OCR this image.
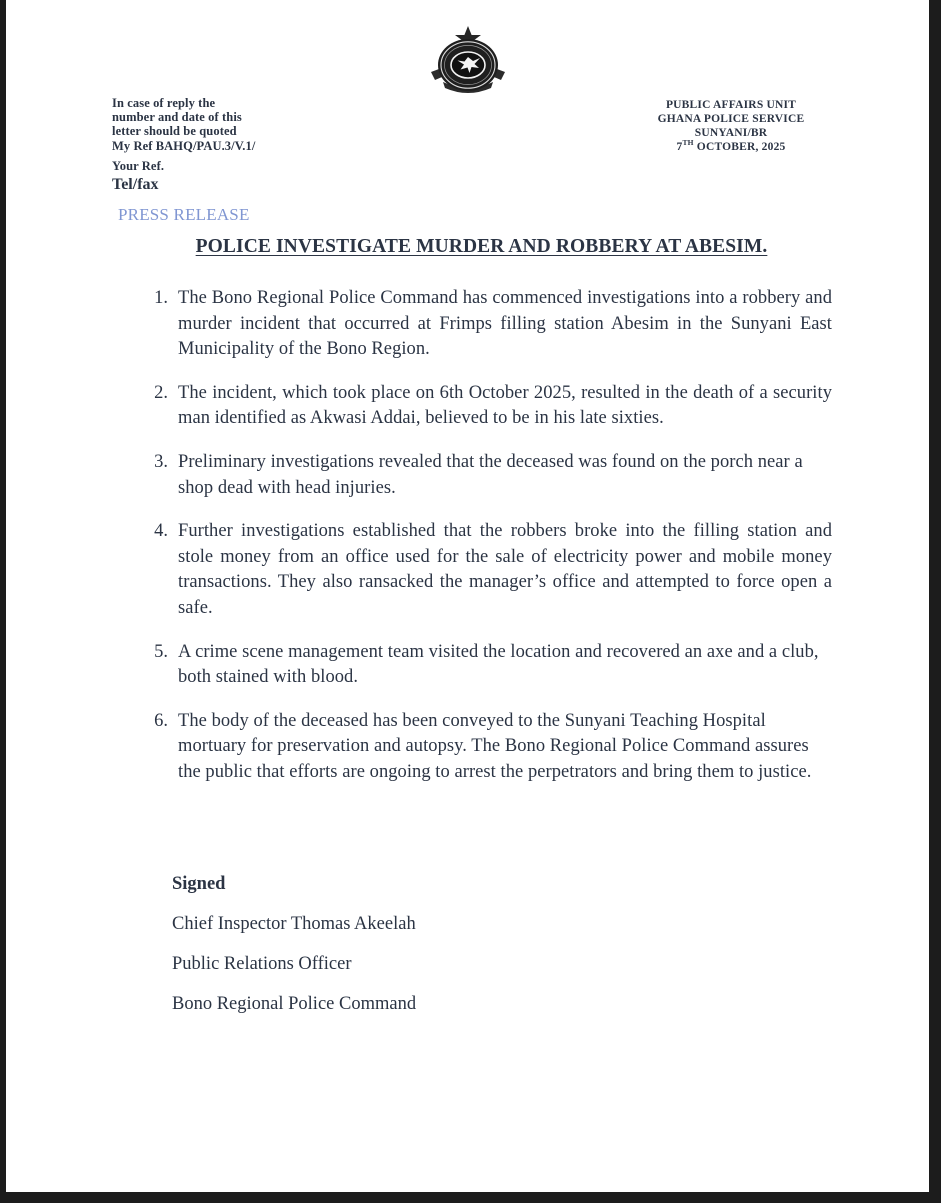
In case of reply the
number and date of this
letter should be quoted
My Ref BAHQ/PAU.3/V.1/
Your Ref.
Tel/fax
PUBLIC AFFAIRS UNIT
GHANA POLICE SERVICE
SUNYANI/BR
7TH OCTOBER, 2025
PRESS RELEASE
POLICE INVESTIGATE MURDER AND ROBBERY AT ABESIM.
1. The Bono Regional Police Command has commenced investigations into a robbery and murder incident that occurred at Frimps filling station Abesim in the Sunyani East Municipality of the Bono Region.
2. The incident, which took place on 6th October 2025, resulted in the death of a security man identified as Akwasi Addai, believed to be in his late sixties.
3. Preliminary investigations revealed that the deceased was found on the porch near a shop dead with head injuries.
4. Further investigations established that the robbers broke into the filling station and stole money from an office used for the sale of electricity power and mobile money transactions. They also ransacked the manager’s office and attempted to force open a safe.
5. A crime scene management team visited the location and recovered an axe and a club, both stained with blood.
6. The body of the deceased has been conveyed to the Sunyani Teaching Hospital mortuary for preservation and autopsy. The Bono Regional Police Command assures the public that efforts are ongoing to arrest the perpetrators and bring them to justice.
Signed
Chief Inspector Thomas Akeelah
Public Relations Officer
Bono Regional Police Command
